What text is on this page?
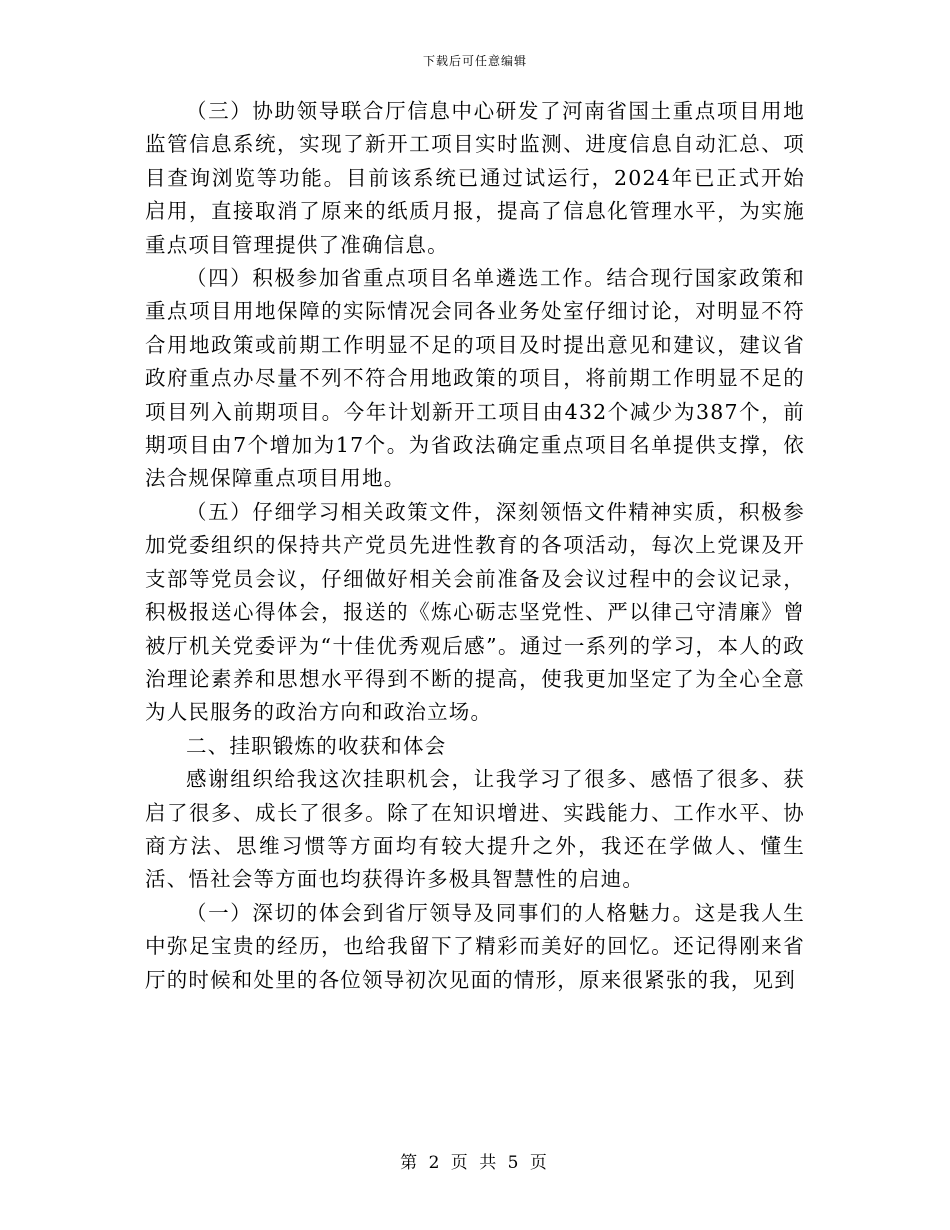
下载后可任意编辑

（三）协助领导联合厅信息中心研发了河南省国土重点项目用地监管信息系统，实现了新开工项目实时监测、进度信息自动汇总、项目查询浏览等功能。目前该系统已通过试运行，2024年已正式开始启用，直接取消了原来的纸质月报，提高了信息化管理水平，为实施重点项目管理提供了准确信息。

（四）积极参加省重点项目名单遴选工作。结合现行国家政策和重点项目用地保障的实际情况会同各业务处室仔细讨论，对明显不符合用地政策或前期工作明显不足的项目及时提出意见和建议，建议省政府重点办尽量不列不符合用地政策的项目，将前期工作明显不足的项目列入前期项目。今年计划新开工项目由432个减少为387个，前期项目由7个增加为17个。为省政法确定重点项目名单提供支撑，依法合规保障重点项目用地。

（五）仔细学习相关政策文件，深刻领悟文件精神实质，积极参加党委组织的保持共产党员先进性教育的各项活动，每次上党课及开支部等党员会议，仔细做好相关会前准备及会议过程中的会议记录，积极报送心得体会，报送的《炼心砺志坚党性、严以律己守清廉》曾被厅机关党委评为“十佳优秀观后感”。通过一系列的学习，本人的政治理论素养和思想水平得到不断的提高，使我更加坚定了为全心全意为人民服务的政治方向和政治立场。

二、挂职锻炼的收获和体会

感谢组织给我这次挂职机会，让我学习了很多、感悟了很多、获启了很多、成长了很多。除了在知识增进、实践能力、工作水平、协商方法、思维习惯等方面均有较大提升之外，我还在学做人、懂生活、悟社会等方面也均获得许多极具智慧性的启迪。

（一）深切的体会到省厅领导及同事们的人格魅力。这是我人生中弥足宝贵的经历，也给我留下了精彩而美好的回忆。还记得刚来省厅的时候和处里的各位领导初次见面的情形，原来很紧张的我，见到

第 2 页 共 5 页
